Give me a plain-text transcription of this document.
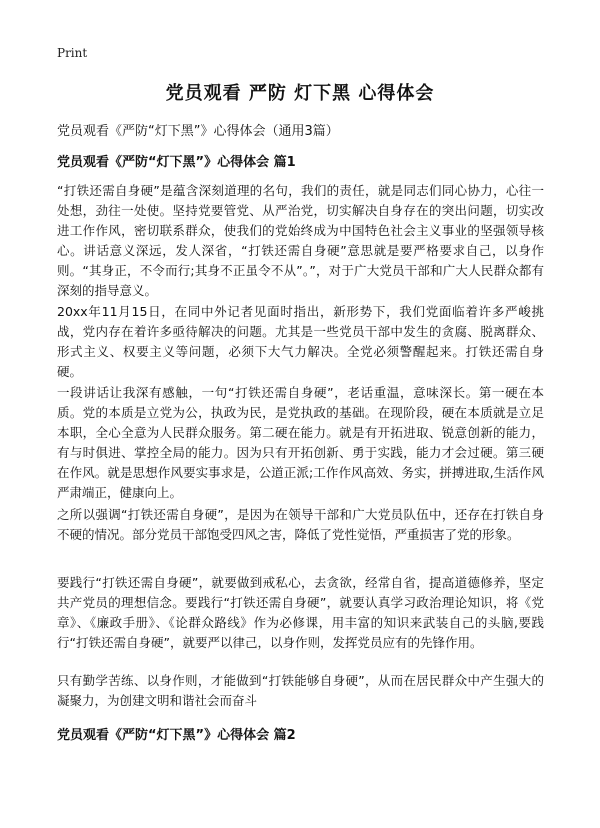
Print
党员观看 严防 灯下黑 心得体会
党员观看《严防“灯下黑”》心得体会（通用3篇）
党员观看《严防“灯下黑”》心得体会 篇1

“打铁还需自身硬”是蕴含深刻道理的名句，我们的责任，就是同志们同心协力，心往一处想，劲往一处使。坚持党要管党、从严治党，切实解决自身存在的突出问题，切实改进工作作风，密切联系群众，使我们的党始终成为中国特色社会主义事业的坚强领导核心。讲话意义深远，发人深省，“打铁还需自身硬”意思就是要严格要求自己，以身作则。“其身正，不令而行;其身不正虽令不从”。”，对于广大党员干部和广大人民群众都有深刻的指导意义。

20xx年11月15日，在同中外记者见面时指出，新形势下，我们党面临着许多严峻挑战，党内存在着许多亟待解决的问题。尤其是一些党员干部中发生的贪腐、脱离群众、形式主义、权要主义等问题，必须下大气力解决。全党必须警醒起来。打铁还需自身硬。

一段讲话让我深有感触，一句“打铁还需自身硬”，老话重温，意味深长。第一硬在本质。党的本质是立党为公，执政为民，是党执政的基础。在现阶段，硬在本质就是立足本职，全心全意为人民群众服务。第二硬在能力。就是有开拓进取、锐意创新的能力，有与时俱进、掌控全局的能力。因为只有开拓创新、勇于实践，能力才会过硬。第三硬在作风。就是思想作风要实事求是，公道正派;工作作风高效、务实，拼搏进取,生活作风严肃端正，健康向上。

之所以强调“打铁还需自身硬”，是因为在领导干部和广大党员队伍中，还存在打铁自身不硬的情况。部分党员干部饱受四风之害，降低了党性觉悟，严重损害了党的形象。

要践行“打铁还需自身硬”，就要做到戒私心，去贪欲，经常自省，提高道德修养，坚定共产党员的理想信念。要践行“打铁还需自身硬”，就要认真学习政治理论知识，将《党章》、《廉政手册》、《论群众路线》作为必修课，用丰富的知识来武装自己的头脑,要践行“打铁还需自身硬”，就要严以律己，以身作则，发挥党员应有的先锋作用。

只有勤学苦练、以身作则，才能做到“打铁能够自身硬”，从而在居民群众中产生强大的凝聚力，为创建文明和谐社会而奋斗

党员观看《严防“灯下黑”》心得体会 篇2
